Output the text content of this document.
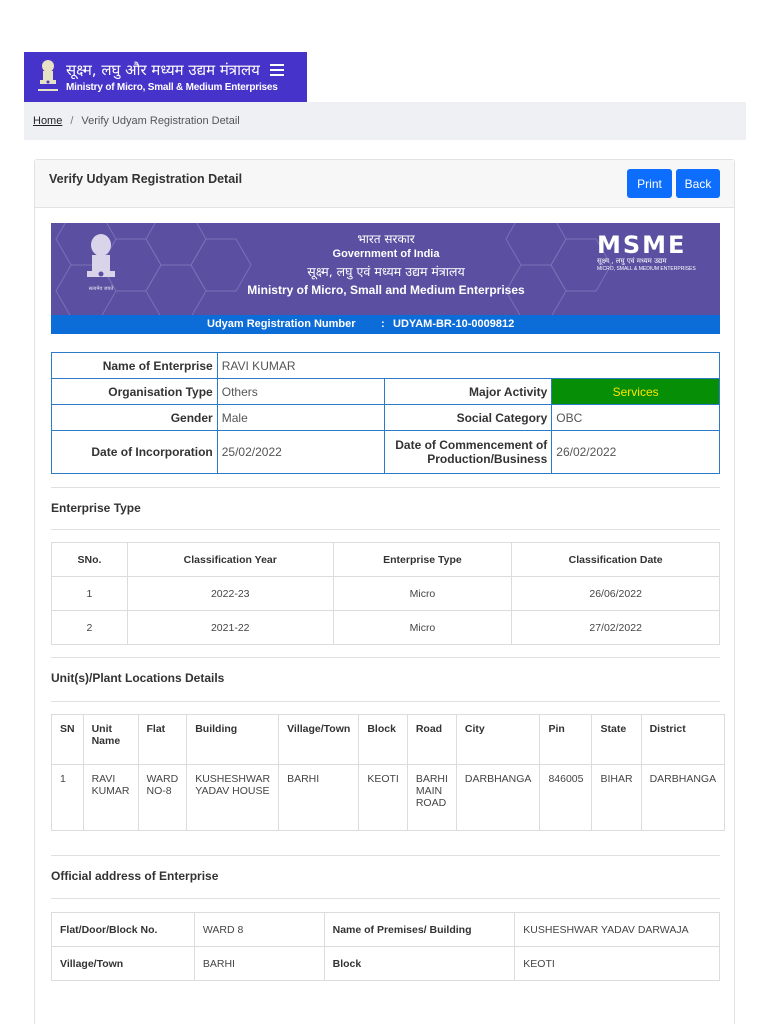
सूक्ष्म, लघु और मध्यम उद्यम मंत्रालय
Ministry of Micro, Small & Medium Enterprises
Home / Verify Udyam Registration Detail
Verify Udyam Registration Detail	Print	Back
सत्यमेव जयते
भारत सरकार
Government of India
सूक्ष्म, लघु एवं मध्यम उद्यम मंत्रालय
Ministry of Micro, Small and Medium Enterprises
MSME
सूक्ष्म , लघु एवं मध्यम उद्यम
MICRO, SMALL & MEDIUM ENTERPRISES
Udyam Registration Number : UDYAM-BR-10-0009812
Name of Enterprise	RAVI KUMAR		
Organisation Type	Others	Major Activity	Services
Gender	Male	Social Category	OBC
Date of Incorporation	25/02/2022	Date of Commencement of Production/Business	26/02/2022
Enterprise Type
SNo.	Classification Year	Enterprise Type	Classification Date
1	2022-23	Micro	26/06/2022
2	2021-22	Micro	27/02/2022
Unit(s)/Plant Locations Details
SN	Unit Name	Flat	Building	Village/Town	Block	Road	City	Pin	State	District
1	RAVI KUMAR	WARD NO-8	KUSHESHWAR YADAV HOUSE	BARHI	KEOTI	BARHI MAIN ROAD	DARBHANGA	846005	BIHAR	DARBHANGA
Official address of Enterprise
Flat/Door/Block No.	WARD 8	Name of Premises/ Building	KUSHESHWAR YADAV DARWAJA
Village/Town	BARHI	Block	KEOTI
